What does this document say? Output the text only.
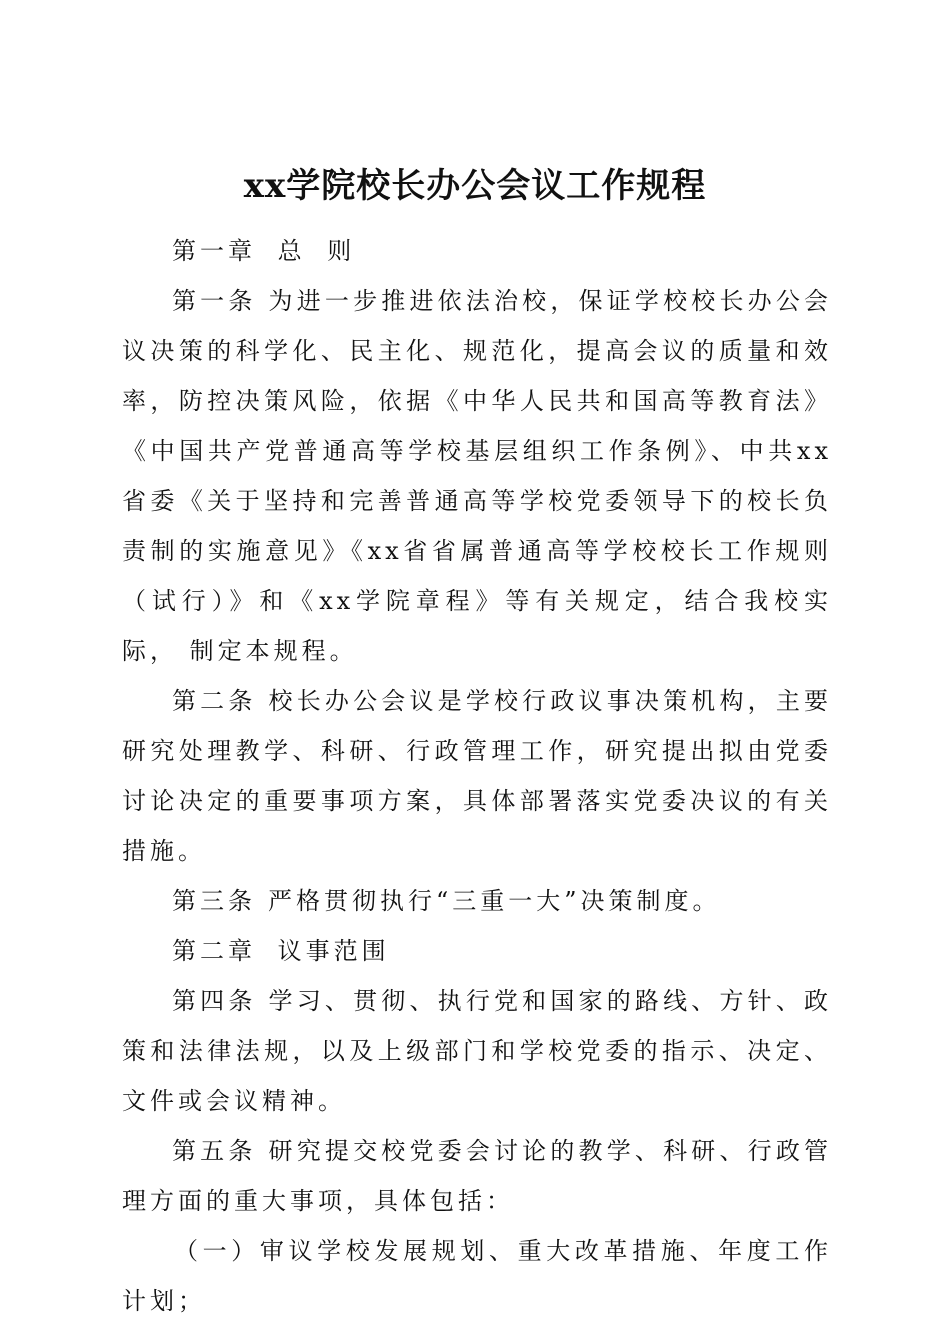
xx学院校长办公会议工作规程

第一章 总 则

第一条 为进一步推进依法治校，保证学校校长办公会议决策的科学化、民主化、规范化，提高会议的质量和效率，防控决策风险，依据《中华人民共和国高等教育法》《中国共产党普通高等学校基层组织工作条例》、中共xx省委《关于坚持和完善普通高等学校党委领导下的校长负责制的实施意见》《xx省省属普通高等学校校长工作规则（试行）》和《xx学院章程》等有关规定，结合我校实际， 制定本规程。

第二条 校长办公会议是学校行政议事决策机构，主要研究处理教学、科研、行政管理工作，研究提出拟由党委讨论决定的重要事项方案，具体部署落实党委决议的有关措施。

第三条 严格贯彻执行“三重一大”决策制度。

第二章 议事范围

第四条 学习、贯彻、执行党和国家的路线、方针、政策和法律法规，以及上级部门和学校党委的指示、决定、文件或会议精神。

第五条 研究提交校党委会讨论的教学、科研、行政管理方面的重大事项，具体包括：

（一）审议学校发展规划、重大改革措施、年度工作计划；
